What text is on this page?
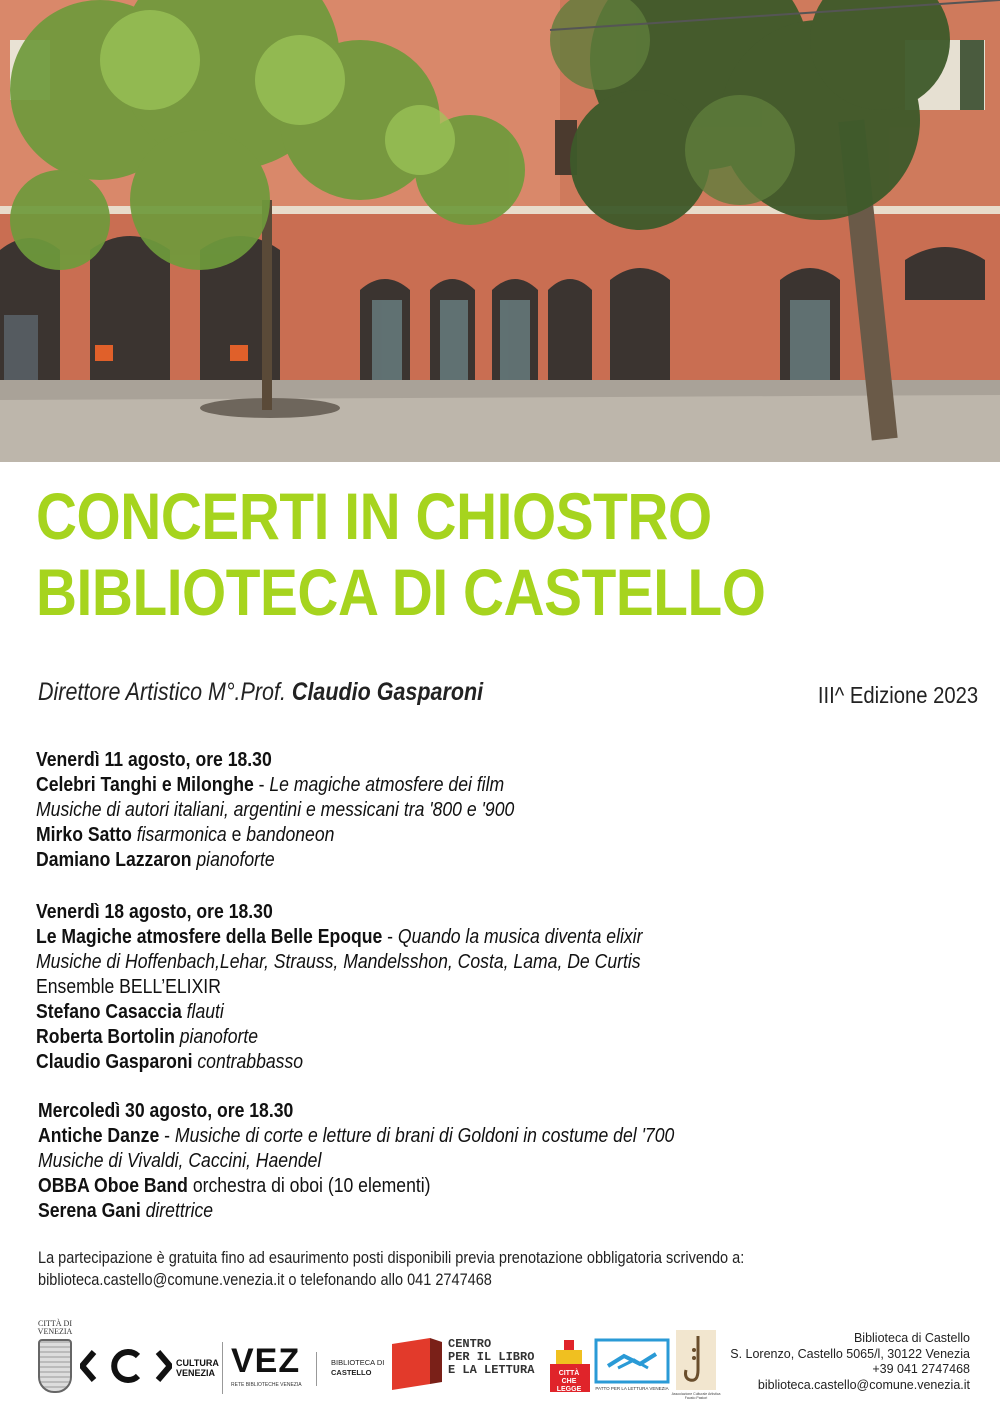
CONCERTI IN CHIOSTRO
BIBLIOTECA DI CASTELLO
Direttore Artistico M°.Prof. Claudio Gasparoni	III^ Edizione 2023
Venerdì 11 agosto, ore 18.30
Celebri Tanghi e Milonghe - Le magiche atmosfere dei film
Musiche di autori italiani, argentini e messicani tra '800 e '900
Mirko Satto fisarmonica e bandoneon
Damiano Lazzaron pianoforte
Venerdì 18 agosto, ore 18.30
Le Magiche atmosfere della Belle Epoque - Quando la musica diventa elixir
Musiche di Hoffenbach,Lehar, Strauss, Mandelsshon, Costa, Lama, De Curtis
Ensemble BELL’ELIXIR
Stefano Casaccia flauti
Roberta Bortolin pianoforte
Claudio Gasparoni contrabbasso
Mercoledì 30 agosto, ore 18.30
Antiche Danze - Musiche di corte e letture di brani di Goldoni in costume del '700
Musiche di Vivaldi, Caccini, Haendel
OBBA Oboe Band orchestra di oboi (10 elementi)
Serena Gani direttrice
La partecipazione è gratuita fino ad esaurimento posti disponibili previa prenotazione obbligatoria scrivendo a:
biblioteca.castello@comune.venezia.it o telefonando allo 041 2747468
CITTÀ DI VENEZIA
CULTURA
VENEZIA VEZ
RETE BIBLIOTECHE VENEZIA
BIBLIOTECA DI
CASTELLO
CENTRO
PER IL LIBRO
E LA LETTURA	CITTÀ
CHE LEGGE	PATTO PER LA LETTURA VENEZIA
Associazione Culturale Artistica Fausto Pastori
Biblioteca di Castello
S. Lorenzo, Castello 5065/l, 30122 Venezia
+39 041 2747468
biblioteca.castello@comune.venezia.it
